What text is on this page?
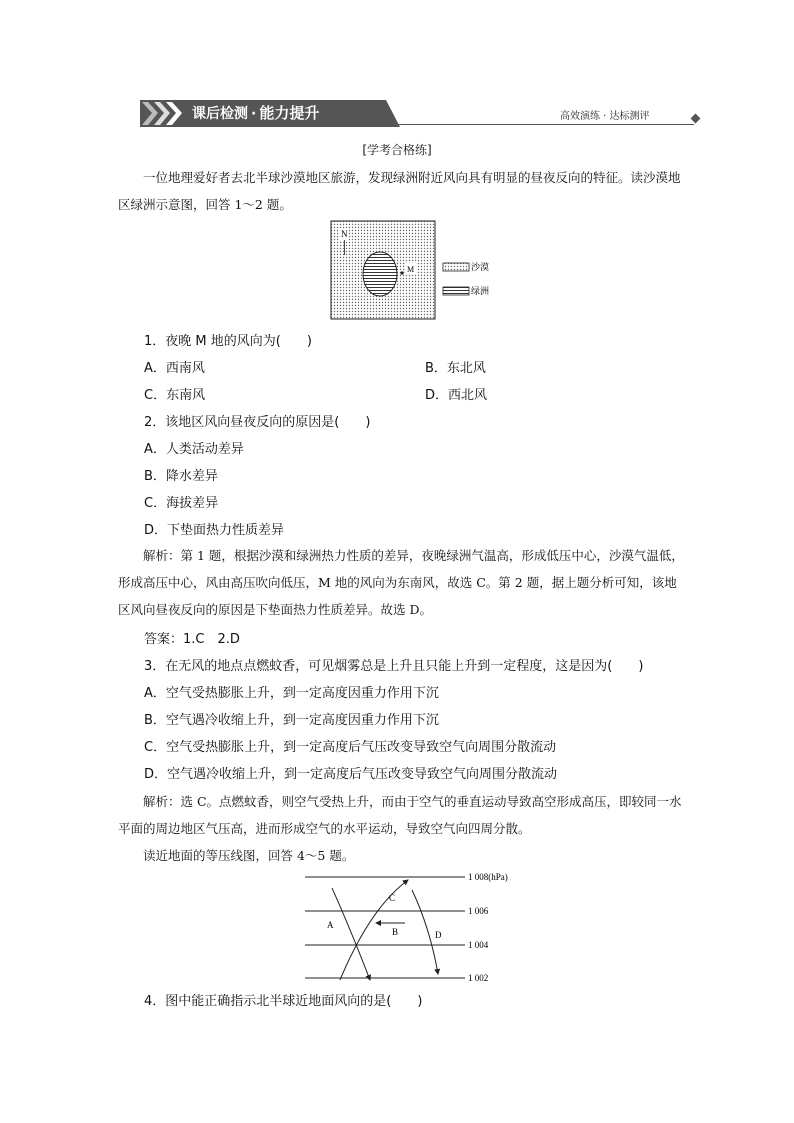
课后检测 · 能力提升	高效演练 · 达标测评
[学考合格练]
一位地理爱好者去北半球沙漠地区旅游，发现绿洲附近风向具有明显的昼夜反向的特征。读沙漠地区绿洲示意图，回答 1～2 题。
N
M	沙漠
绿洲
1．夜晚 M 地的风向为(　　)
A．西南风	B．东北风
C．东南风	D．西北风
2．该地区风向昼夜反向的原因是(　　)
A．人类活动差异
B．降水差异
C．海拔差异
D．下垫面热力性质差异
解析：第 1 题，根据沙漠和绿洲热力性质的差异，夜晚绿洲气温高，形成低压中心，沙漠气温低，形成高压中心，风由高压吹向低压，M 地的风向为东南风，故选 C。第 2 题，据上题分析可知，该地区风向昼夜反向的原因是下垫面热力性质差异。故选 D。
答案：1.C　2.D
3．在无风的地点点燃蚊香，可见烟雾总是上升且只能上升到一定程度，这是因为(　　)
A．空气受热膨胀上升，到一定高度因重力作用下沉
B．空气遇冷收缩上升，到一定高度因重力作用下沉
C．空气受热膨胀上升，到一定高度后气压改变导致空气向周围分散流动
D．空气遇冷收缩上升，到一定高度后气压改变导致空气向周围分散流动
解析：选 C。点燃蚊香，则空气受热上升，而由于空气的垂直运动导致高空形成高压，即较同一水平面的周边地区气压高，进而形成空气的水平运动，导致空气向四周分散。
读近地面的等压线图，回答 4～5 题。
1 008(hPa)
1 006
1 004
1 002
A
B
C
D
4．图中能正确指示北半球近地面风向的是(　　)
